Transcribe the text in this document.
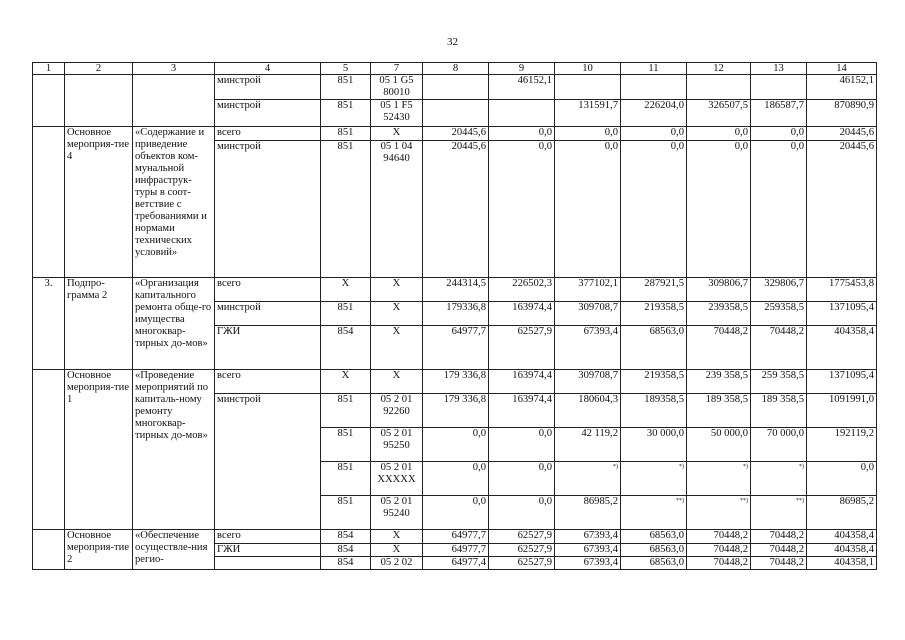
32
1	2	3	4	5	7	8	9	10	11	12	13	14
			минстрой	851	05 1 G5 80010		46152,1					46152,1
			минстрой	851	05 1 F5 52430			131591,7	226204,0	326507,5	186587,7	870890,9
	Основное мероприя-тие 4	«Содержание и приведение объектов ком-мунальной инфраструк-туры в соот-ветствие с требованиями и нормами технических условий»	всего	851	Х	20445,6	0,0	0,0	0,0	0,0	0,0	20445,6
			минстрой	851	05 1 04 94640	20445,6	0,0	0,0	0,0	0,0	0,0	20445,6
3.	Подпро-грамма 2	«Организация капитального ремонта обще-го имущества многоквар-тирных до-мов»	всего	Х	Х	244314,5	226502,3	377102,1	287921,5	309806,7	329806,7	1775453,8
			минстрой	851	Х	179336,8	163974,4	309708,7	219358,5	239358,5	259358,5	1371095,4
			ГЖИ	854	Х	64977,7	62527,9	67393,4	68563,0	70448,2	70448,2	404358,4
	Основное мероприя-тие 1	«Проведение мероприятий по капиталь-ному ремонту многоквар-тирных до-мов»	всего	Х	Х	179 336,8	163974,4	309708,7	219358,5	239 358,5	259 358,5	1371095,4
			минстрой	851	05 2 01 92260	179 336,8	163974,4	180604,3	189358,5	189 358,5	189 358,5	1091991,0
				851	05 2 01 95250	0,0	0,0	42 119,2	30 000,0	50 000,0	70 000,0	192119,2
				851	05 2 01 XXXXX	0,0	0,0	*)	*)	*)	*)	0,0
				851	05 2 01 95240	0,0	0,0	86985,2	**)	**)	**)	86985,2
	Основное мероприя-тие 2	«Обеспечение осуществле-ния регио-	всего	854	Х	64977,7	62527,9	67393,4	68563,0	70448,2	70448,2	404358,4
			ГЖИ	854	Х	64977,7	62527,9	67393,4	68563,0	70448,2	70448,2	404358,4
				854	05 2 02	64977,4	62527,9	67393,4	68563,0	70448,2	70448,2	404358,1
